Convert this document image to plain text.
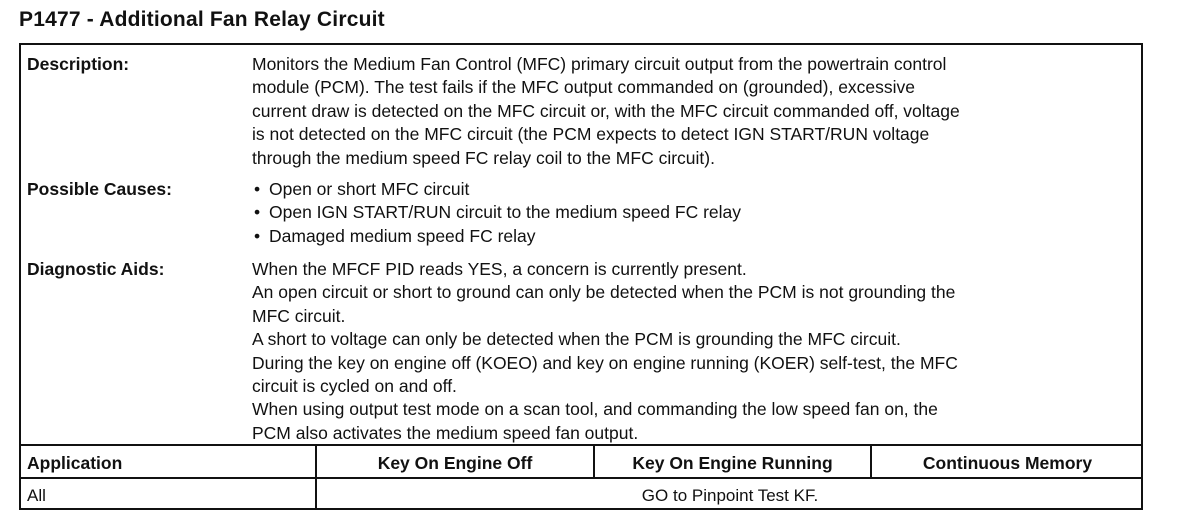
P1477 - Additional Fan Relay Circuit
Description:	Monitors the Medium Fan Control (MFC) primary circuit output from the powertrain control
module (PCM). The test fails if the MFC output commanded on (grounded), excessive
current draw is detected on the MFC circuit or, with the MFC circuit commanded off, voltage
is not detected on the MFC circuit (the PCM expects to detect IGN START/RUN voltage
through the medium speed FC relay coil to the MFC circuit).
Possible Causes:
•	Open or short MFC circuit
• Open IGN START/RUN circuit to the medium speed FC relay
• Damaged medium speed FC relay
Diagnostic Aids:	When the MFCF PID reads YES, a concern is currently present.
An open circuit or short to ground can only be detected when the PCM is not grounding the
MFC circuit.
A short to voltage can only be detected when the PCM is grounding the MFC circuit.
During the key on engine off (KOEO) and key on engine running (KOER) self-test, the MFC
circuit is cycled on and off.
When using output test mode on a scan tool, and commanding the low speed fan on, the
PCM also activates the medium speed fan output.
Application	Key On Engine Off	Key On Engine Running	Continuous Memory
All	GO to Pinpoint Test KF.
